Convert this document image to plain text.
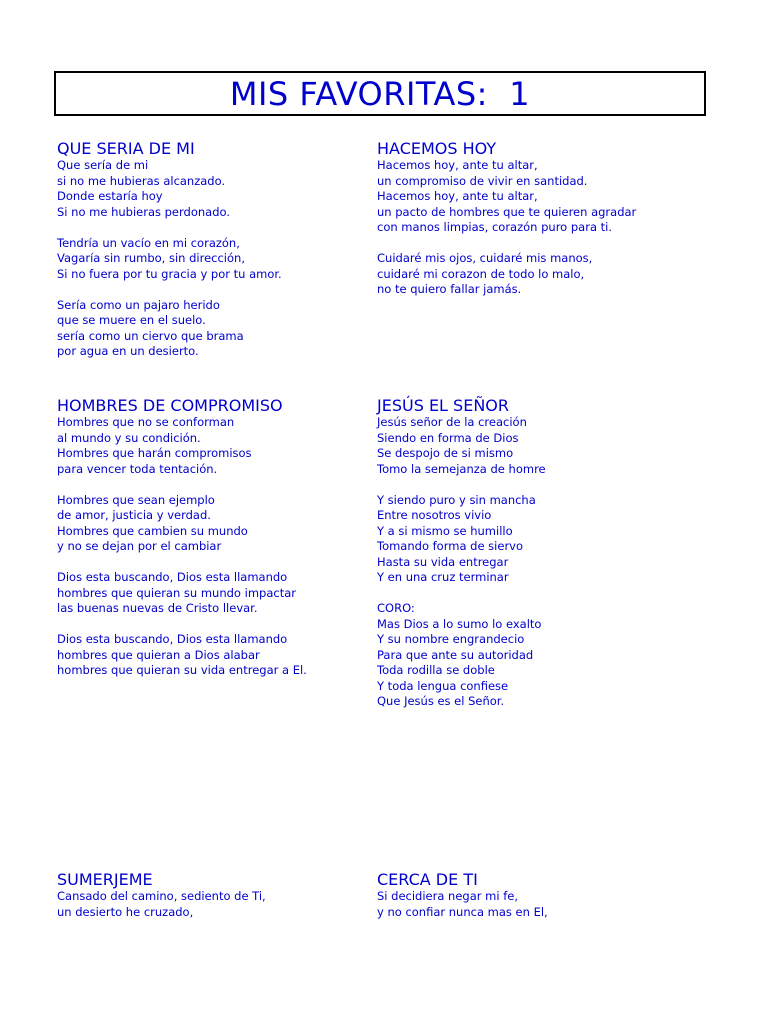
MIS FAVORITAS:  1
QUE SERIA DE MI
Que sería de mi
si no me hubieras alcanzado.
Donde estaría hoy
Si no me hubieras perdonado.
Tendría un vacío en mi corazón,
Vagaría sin rumbo, sin dirección,
Si no fuera por tu gracia y por tu amor.
Sería como un pajaro herido
que se muere en el suelo.
sería como un ciervo que brama
por agua en un desierto.
HACEMOS HOY
Hacemos hoy, ante tu altar,
un compromiso de vivir en santidad.
Hacemos hoy, ante tu altar,
un pacto de hombres que te quieren agradar
con manos limpias, corazón puro para ti.
Cuidaré mis ojos, cuidaré mis manos,
cuidaré mi corazon de todo lo malo,
no te quiero fallar jamás.
HOMBRES DE COMPROMISO
Hombres que no se conforman
al mundo y su condición.
Hombres que harán compromisos
para vencer toda tentación.
Hombres que sean ejemplo
de amor, justicia y verdad.
Hombres que cambien su mundo
y no se dejan por el cambiar
Dios esta buscando, Dios esta llamando
hombres que quieran su mundo impactar
las buenas nuevas de Cristo llevar.
Dios esta buscando, Dios esta llamando
hombres que quieran a Dios alabar
hombres que quieran su vida entregar a El.
JESÚS EL SEÑOR
Jesús señor de la creación
Siendo en forma de Dios
Se despojo de si mismo
Tomo la semejanza de homre
Y siendo puro y sin mancha
Entre nosotros vivio
Y a si mismo se humillo
Tomando forma de siervo
Hasta su vida entregar
Y en una cruz terminar
CORO:
Mas Dios a lo sumo lo exalto
Y su nombre engrandecio
Para que ante su autoridad
Toda rodilla se doble
Y toda lengua confiese
Que Jesús es el Señor.
SUMERJEME
Cansado del camino, sediento de Ti,
un desierto he cruzado,
CERCA DE TI
Si decidiera negar mi fe,
y no confiar nunca mas en El,
